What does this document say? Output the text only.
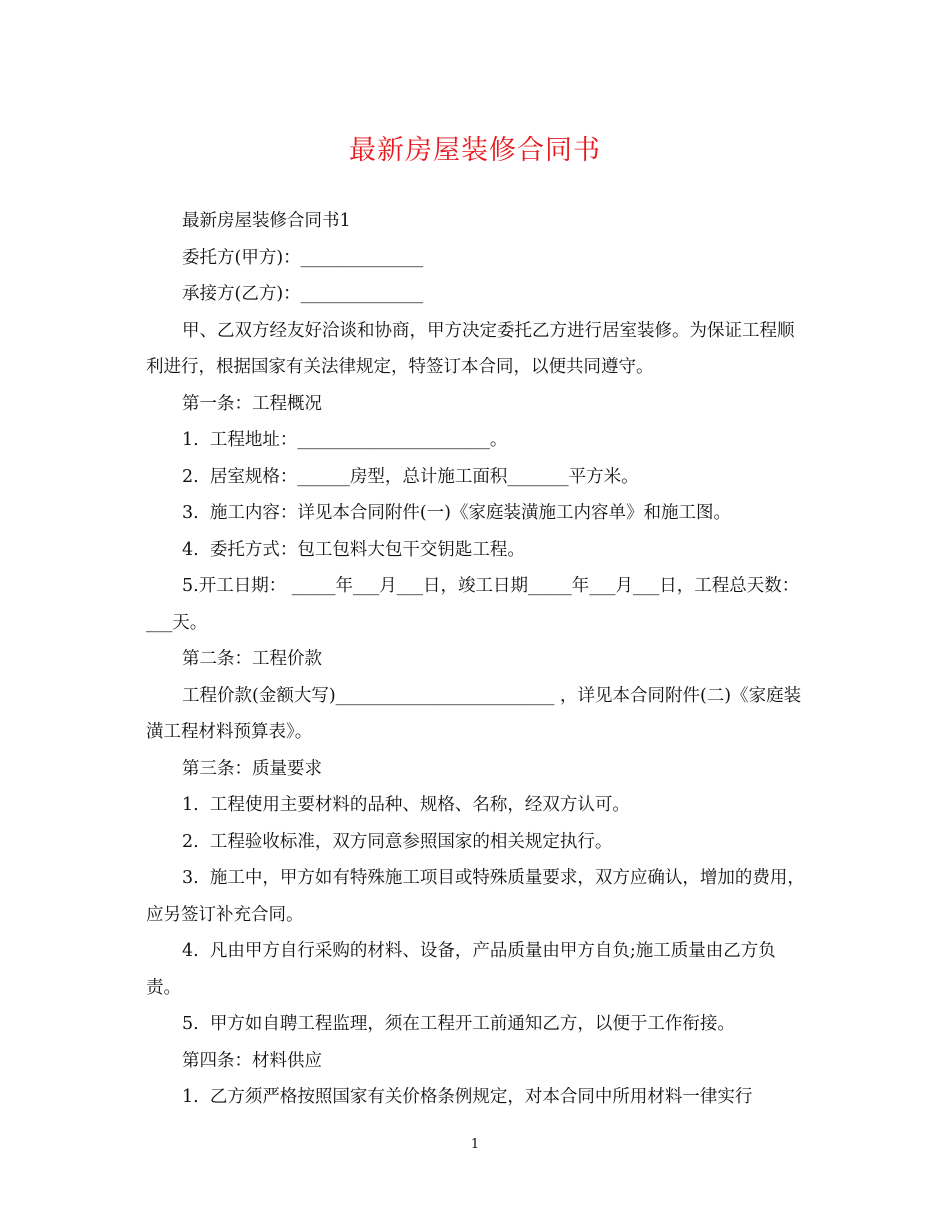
最新房屋装修合同书

最新房屋装修合同书1

委托方(甲方)：______________

承接方(乙方)：______________

甲、乙双方经友好洽谈和协商，甲方决定委托乙方进行居室装修。为保证工程顺利进行，根据国家有关法律规定，特签订本合同，以便共同遵守。

第一条：工程概况

1.  工程地址：______________________。

2.  居室规格：______房型，总计施工面积_______平方米。

3.  施工内容：详见本合同附件(一)《家庭装潢施工内容单》和施工图。

4.  委托方式：包工包料大包干交钥匙工程。

5.开工日期： _____年___月___日，竣工日期_____年___月___日，工程总天数：___天。

第二条：工程价款

工程价款(金额大写)_________________________ ，详见本合同附件(二)《家庭装潢工程材料预算表》。

第三条：质量要求

1.  工程使用主要材料的品种、规格、名称，经双方认可。

2.  工程验收标准，双方同意参照国家的相关规定执行。

3.  施工中，甲方如有特殊施工项目或特殊质量要求，双方应确认，增加的费用，应另签订补充合同。

4.  凡由甲方自行采购的材料、设备，产品质量由甲方自负;施工质量由乙方负责。

5.  甲方如自聘工程监理，须在工程开工前通知乙方，以便于工作衔接。

第四条：材料供应

1.  乙方须严格按照国家有关价格条例规定，对本合同中所用材料一律实行

1
